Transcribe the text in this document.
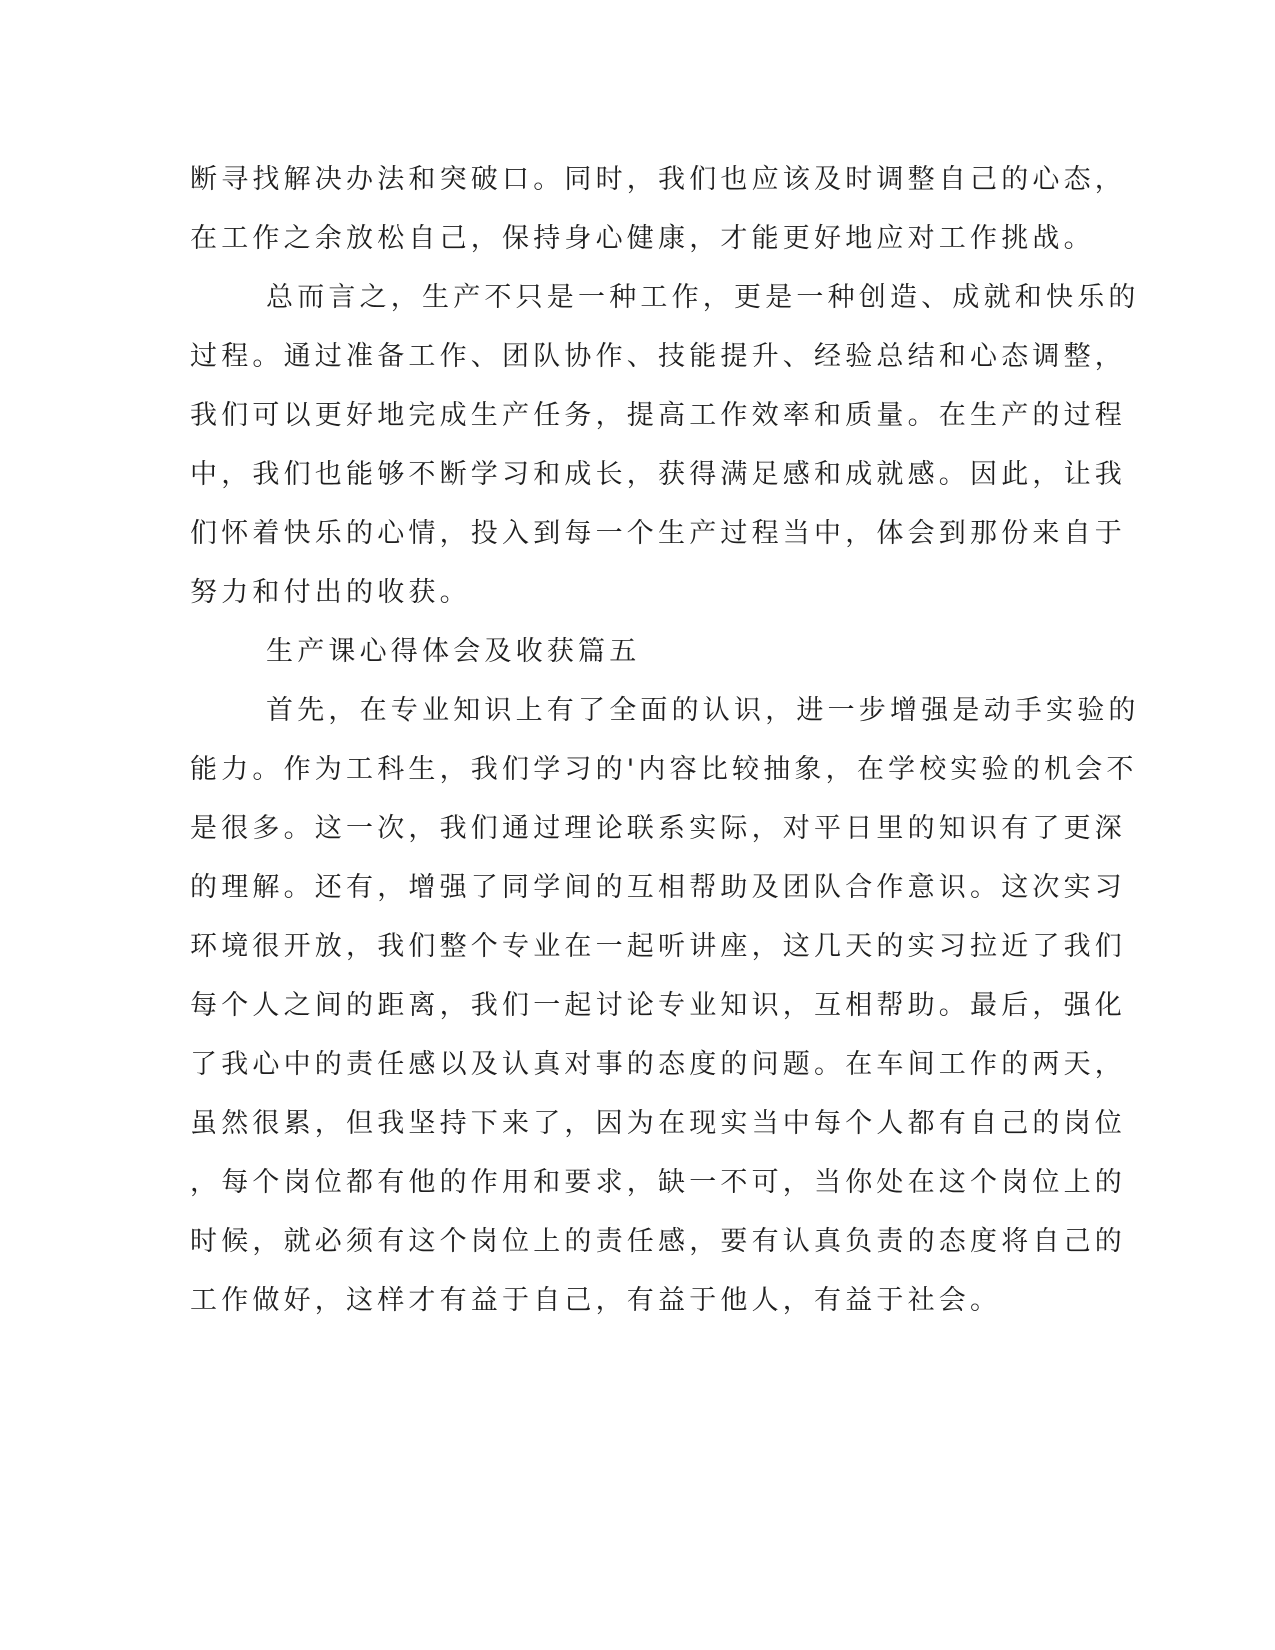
断寻找解决办法和突破口。同时，我们也应该及时调整自己的心态，
在工作之余放松自己，保持身心健康，才能更好地应对工作挑战。
总而言之，生产不只是一种工作，更是一种创造、成就和快乐的
过程。通过准备工作、团队协作、技能提升、经验总结和心态调整，
我们可以更好地完成生产任务，提高工作效率和质量。在生产的过程
中，我们也能够不断学习和成长，获得满足感和成就感。因此，让我
们怀着快乐的心情，投入到每一个生产过程当中，体会到那份来自于
努力和付出的收获。
生产课心得体会及收获篇五
首先，在专业知识上有了全面的认识，进一步增强是动手实验的
能力。作为工科生，我们学习的'内容比较抽象，在学校实验的机会不
是很多。这一次，我们通过理论联系实际，对平日里的知识有了更深
的理解。还有，增强了同学间的互相帮助及团队合作意识。这次实习
环境很开放，我们整个专业在一起听讲座，这几天的实习拉近了我们
每个人之间的距离，我们一起讨论专业知识，互相帮助。最后，强化
了我心中的责任感以及认真对事的态度的问题。在车间工作的两天，
虽然很累，但我坚持下来了，因为在现实当中每个人都有自己的岗位
，每个岗位都有他的作用和要求，缺一不可，当你处在这个岗位上的
时候，就必须有这个岗位上的责任感，要有认真负责的态度将自己的
工作做好，这样才有益于自己，有益于他人，有益于社会。
